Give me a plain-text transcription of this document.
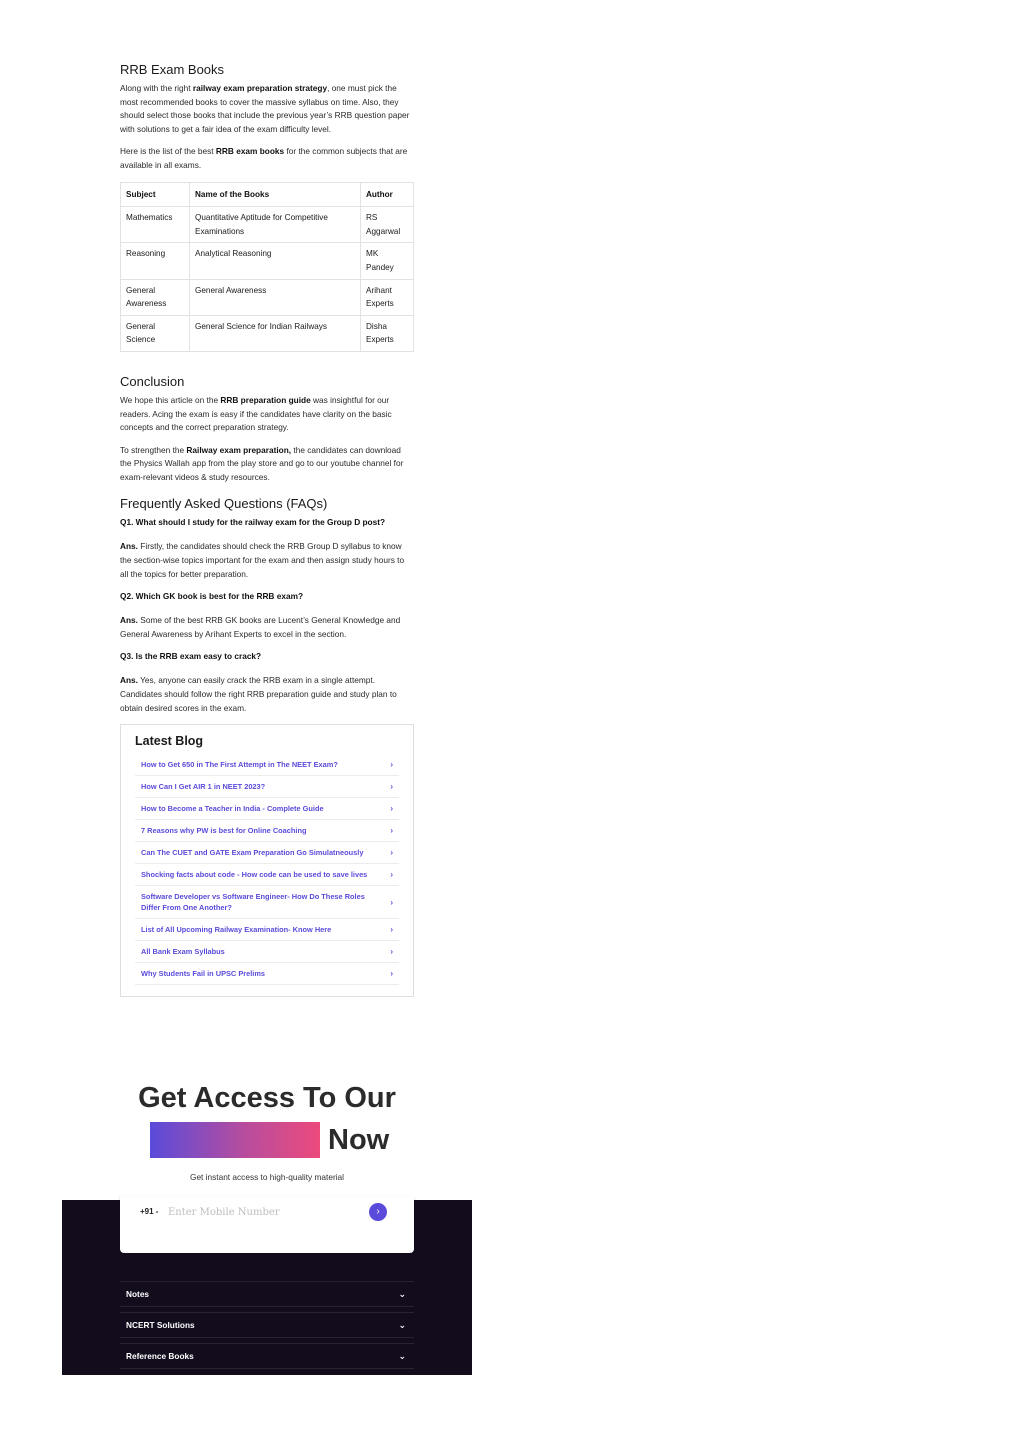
RRB Exam Books

Along with the right railway exam preparation strategy, one must pick the most recommended books to cover the massive syllabus on time. Also, they should select those books that include the previous year’s RRB question paper with solutions to get a fair idea of the exam difficulty level.

Here is the list of the best RRB exam books for the common subjects that are available in all exams.

Subject	Name of the Books	Author
Mathematics	Quantitative Aptitude for Competitive Examinations	RS Aggarwal
Reasoning	Analytical Reasoning	MK Pandey
General Awareness	General Awareness	Arihant Experts
General Science	General Science for Indian Railways	Disha Experts
Conclusion

We hope this article on the RRB preparation guide was insightful for our readers. Acing the exam is easy if the candidates have clarity on the basic concepts and the correct preparation strategy.

To strengthen the Railway exam preparation, the candidates can download the Physics Wallah app from the play store and go to our youtube channel for exam-relevant videos & study resources.

Frequently Asked Questions (FAQs)
Q1. What should I study for the railway exam for the Group D post?

Ans. Firstly, the candidates should check the RRB Group D syllabus to know the section-wise topics important for the exam and then assign study hours to all the topics for better preparation.

Q2. Which GK book is best for the RRB exam?

Ans. Some of the best RRB GK books are Lucent’s General Knowledge and General Awareness by Arihant Experts to excel in the section.

Q3. Is the RRB exam easy to crack?

Ans. Yes, anyone can easily crack the RRB exam in a single attempt. Candidates should follow the right RRB preparation guide and study plan to obtain desired scores in the exam.

Latest Blog
How to Get 650 in The First Attempt in The NEET Exam?	›
How Can I Get AIR 1 in NEET 2023?	›
How to Become a Teacher in India - Complete Guide	›
7 Reasons why PW is best for Online Coaching	›
Can The CUET and GATE Exam Preparation Go Simulatneously	›
Shocking facts about code - How code can be used to save lives	›
Software Developer vs Software Engineer- How Do These Roles Differ From One Another?
›
List of All Upcoming Railway Examination- Know Here	›
All Bank Exam Syllabus	›
Why Students Fail in UPSC Prelims	›
Get Access To Our
Now
Get instant access to high-quality material
+91 -
Enter Mobile Number	›
Notes	⌄
NCERT Solutions	⌄
Reference Books	⌄
